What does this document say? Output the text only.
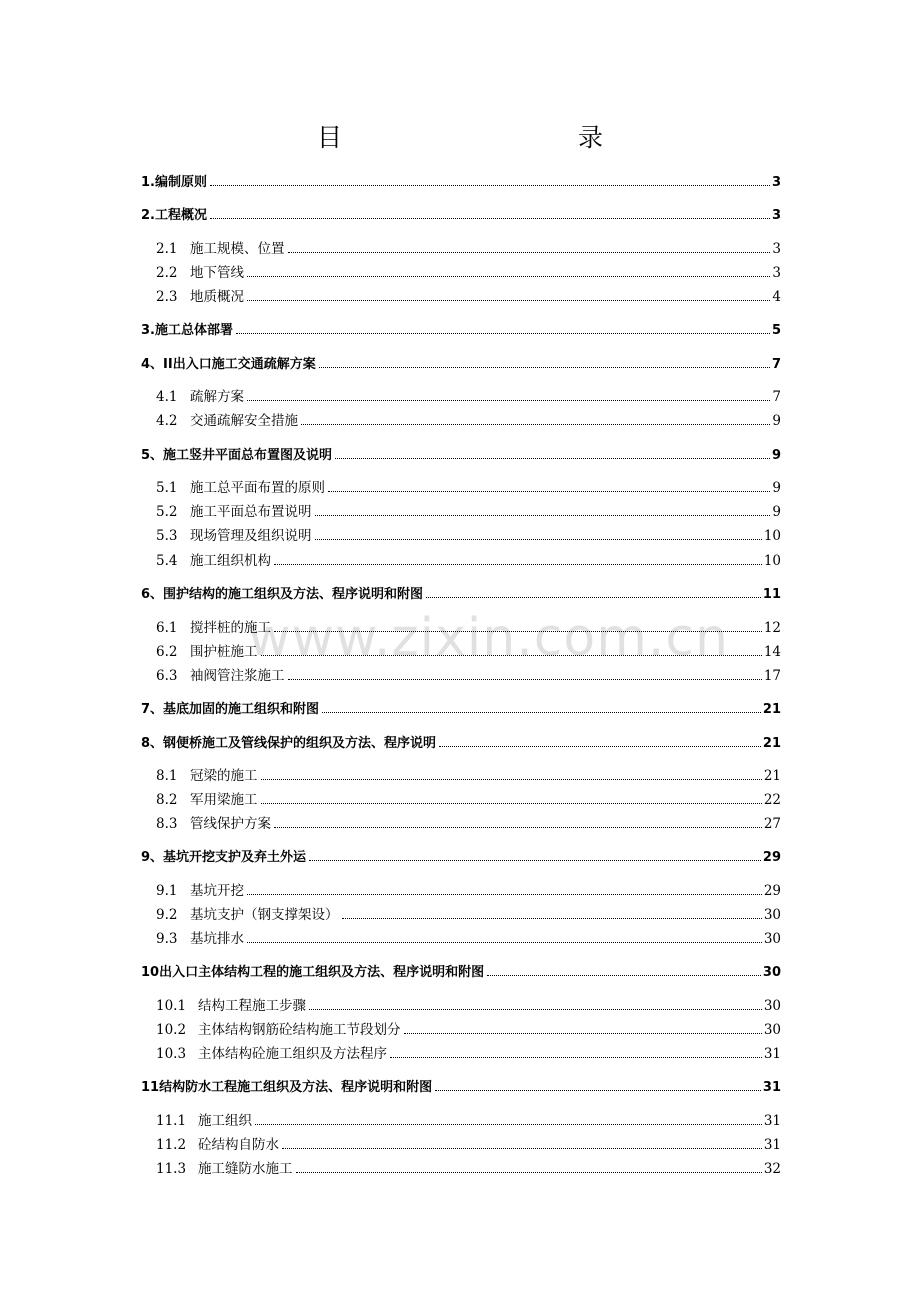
目　　录
www.zixin.com.cn
1.编制原则	3
2.工程概况	3
2.1 施工规模、位置	3
2.2 地下管线	3
2.3 地质概况	4
3.施工总体部署	5
4、II出入口施工交通疏解方案	7
4.1 疏解方案	7
4.2 交通疏解安全措施	9
5、施工竖井平面总布置图及说明	9
5.1 施工总平面布置的原则	9
5.2 施工平面总布置说明	9
5.3 现场管理及组织说明	10
5.4 施工组织机构	10
6、围护结构的施工组织及方法、程序说明和附图	11
6.1 搅拌桩的施工	12
6.2 围护桩施工	14
6.3 袖阀管注浆施工	17
7、基底加固的施工组织和附图	21
8、钢便桥施工及管线保护的组织及方法、程序说明	21
8.1 冠梁的施工	21
8.2 军用梁施工	22
8.3 管线保护方案	27
9、基坑开挖支护及弃土外运	29
9.1 基坑开挖	29
9.2 基坑支护（钢支撑架设）	30
9.3 基坑排水	30
10出入口主体结构工程的施工组织及方法、程序说明和附图	30
10.1 结构工程施工步骤	30
10.2 主体结构钢筋砼结构施工节段划分	30
10.3 主体结构砼施工组织及方法程序	31
11结构防水工程施工组织及方法、程序说明和附图	31
11.1 施工组织	31
11.2 砼结构自防水	31
11.3 施工缝防水施工	32
